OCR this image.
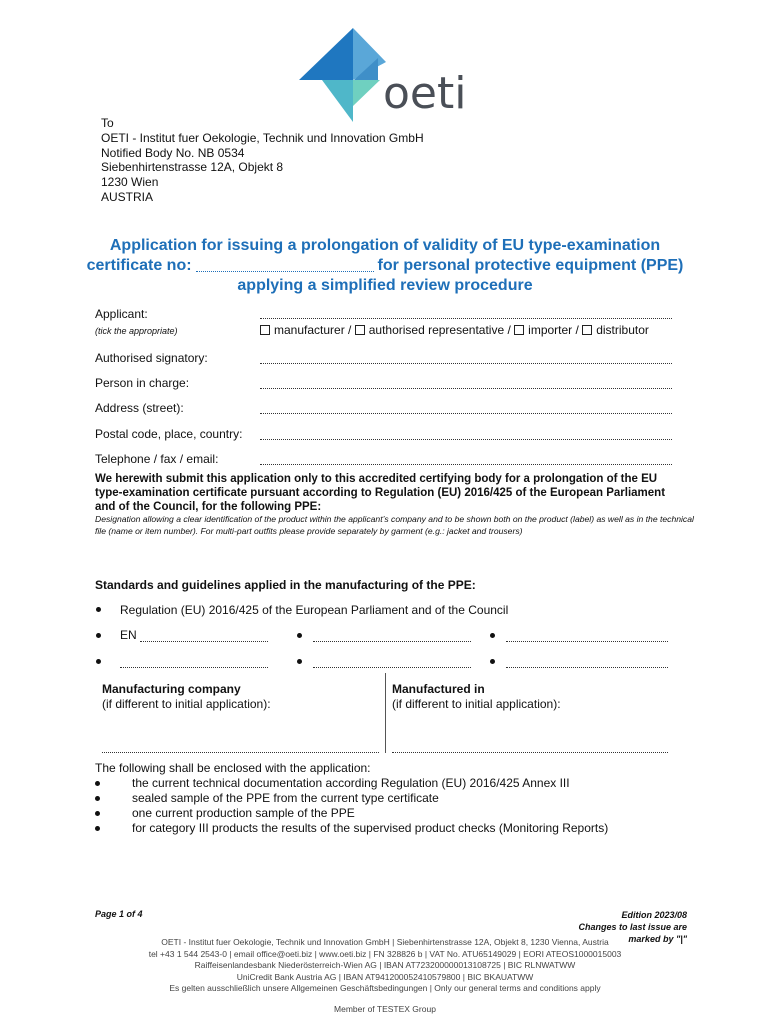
oeti
To
OETI - Institut fuer Oekologie, Technik und Innovation GmbH
Notified Body No. NB 0534
Siebenhirtenstrasse 12A, Objekt 8
1230 Wien
AUSTRIA
Application for issuing a prolongation of validity of EU type-examination
certificate no:	for personal protective equipment (PPE)
applying a simplified review procedure
Applicant:
(tick the appropriate)	manufacturer / authorised representative / importer / distributor
Authorised signatory:
Person in charge:
Address (street):
Postal code, place, country:
Telephone / fax / email:
We herewith submit this application only to this accredited certifying body for a prolongation of the EU type-examination certificate pursuant according to Regulation (EU) 2016/425 of the European Parliament and of the Council, for the following PPE:
Designation allowing a clear identification of the product within the applicant’s company and to be shown both on the product (label) as well as in the technical file (name or item number). For multi-part outfits please provide separately by garment (e.g.: jacket and trousers)
Standards and guidelines applied in the manufacturing of the PPE:
Regulation (EU) 2016/425 of the European Parliament and of the Council
EN
Manufacturing company
(if different to initial application):
Manufactured in
(if different to initial application):
The following shall be enclosed with the application:
the current technical documentation according Regulation (EU) 2016/425 Annex III
sealed sample of the PPE from the current type certificate
one current production sample of the PPE
for category III products the results of the supervised product checks (Monitoring Reports)
Page 1 of 4	Edition 2023/08
Changes to last issue are marked by "|"
OETI - Institut fuer Oekologie, Technik und Innovation GmbH | Siebenhirtenstrasse 12A, Objekt 8, 1230 Vienna, Austria
tel +43 1 544 2543-0 | email office@oeti.biz | www.oeti.biz | FN 328826 b | VAT No. ATU65149029 | EORI ATEOS1000015003
Raiffeisenlandesbank Niederösterreich-Wien AG | IBAN AT723200000013108725 | BIC RLNWATWW
UniCredit Bank Austria AG | IBAN AT941200052410579800 | BIC BKAUATWW
Es gelten ausschließlich unsere Allgemeinen Geschäftsbedingungen | Only our general terms and conditions apply
Member of TESTEX Group
